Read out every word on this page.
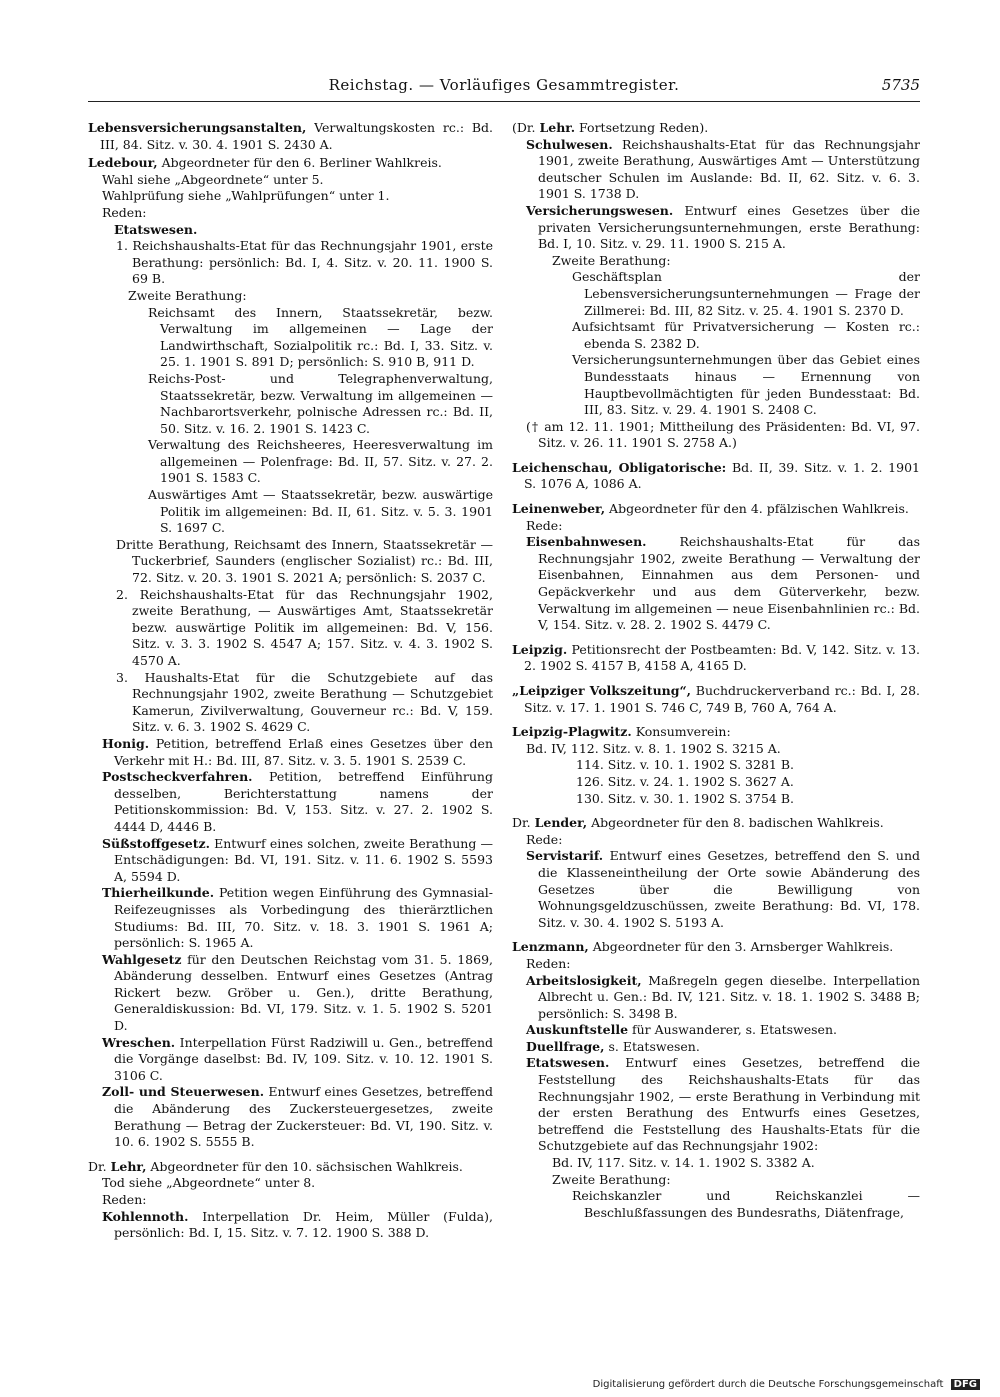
Reichstag. — Vorläufiges Gesammtregister.	5735

Lebensversicherungsanstalten, Verwaltungskosten rc.: Bd. III, 84. Sitz. v. 30. 4. 1901 S. 2430 A.

Ledebour, Abgeordneter für den 6. Berliner Wahlkreis.

Wahl siehe „Abgeordnete“ unter 5.

Wahlprüfung siehe „Wahlprüfungen“ unter 1.

Reden:

Etatswesen.

1. Reichshaushalts-Etat für das Rechnungsjahr 1901, erste Berathung: persönlich: Bd. I, 4. Sitz. v. 20. 11. 1900 S. 69 B.

Zweite Berathung:

Reichsamt des Innern, Staatssekretär, bezw. Verwaltung im allgemeinen — Lage der Landwirthschaft, Sozialpolitik rc.: Bd. I, 33. Sitz. v. 25. 1. 1901 S. 891 D; persönlich: S. 910 B, 911 D.

Reichs-Post- und Telegraphenverwaltung, Staatssekretär, bezw. Verwaltung im allgemeinen — Nachbarortsverkehr, polnische Adressen rc.: Bd. II, 50. Sitz. v. 16. 2. 1901 S. 1423 C.

Verwaltung des Reichsheeres, Heeresverwaltung im allgemeinen — Polenfrage: Bd. II, 57. Sitz. v. 27. 2. 1901 S. 1583 C.

Auswärtiges Amt — Staatssekretär, bezw. auswärtige Politik im allgemeinen: Bd. II, 61. Sitz. v. 5. 3. 1901 S. 1697 C.

Dritte Berathung, Reichsamt des Innern, Staatssekretär — Tuckerbrief, Saunders (englischer Sozialist) rc.: Bd. III, 72. Sitz. v. 20. 3. 1901 S. 2021 A; persönlich: S. 2037 C.

2. Reichshaushalts-Etat für das Rechnungsjahr 1902, zweite Berathung, — Auswärtiges Amt, Staatssekretär bezw. auswärtige Politik im allgemeinen: Bd. V, 156. Sitz. v. 3. 3. 1902 S. 4547 A; 157. Sitz. v. 4. 3. 1902 S. 4570 A.

3. Haushalts-Etat für die Schutzgebiete auf das Rechnungsjahr 1902, zweite Berathung — Schutzgebiet Kamerun, Zivilverwaltung, Gouverneur rc.: Bd. V, 159. Sitz. v. 6. 3. 1902 S. 4629 C.

Honig. Petition, betreffend Erlaß eines Gesetzes über den Verkehr mit H.: Bd. III, 87. Sitz. v. 3. 5. 1901 S. 2539 C.

Postscheckverfahren. Petition, betreffend Einführung desselben, Berichterstattung namens der Petitionskommission: Bd. V, 153. Sitz. v. 27. 2. 1902 S. 4444 D, 4446 B.

Süßstoffgesetz. Entwurf eines solchen, zweite Berathung — Entschädigungen: Bd. VI, 191. Sitz. v. 11. 6. 1902 S. 5593 A, 5594 D.

Thierheilkunde. Petition wegen Einführung des Gymnasial-Reifezeugnisses als Vorbedingung des thierärztlichen Studiums: Bd. III, 70. Sitz. v. 18. 3. 1901 S. 1961 A; persönlich: S. 1965 A.

Wahlgesetz für den Deutschen Reichstag vom 31. 5. 1869, Abänderung desselben. Entwurf eines Gesetzes (Antrag Rickert bezw. Gröber u. Gen.), dritte Berathung, Generaldiskussion: Bd. VI, 179. Sitz. v. 1. 5. 1902 S. 5201 D.

Wreschen. Interpellation Fürst Radziwill u. Gen., betreffend die Vorgänge daselbst: Bd. IV, 109. Sitz. v. 10. 12. 1901 S. 3106 C.

Zoll- und Steuerwesen. Entwurf eines Gesetzes, betreffend die Abänderung des Zuckersteuergesetzes, zweite Berathung — Betrag der Zuckersteuer: Bd. VI, 190. Sitz. v. 10. 6. 1902 S. 5555 B.

Dr. Lehr, Abgeordneter für den 10. sächsischen Wahlkreis.

Tod siehe „Abgeordnete“ unter 8.

Reden:

Kohlennoth. Interpellation Dr. Heim, Müller (Fulda), persönlich: Bd. I, 15. Sitz. v. 7. 12. 1900 S. 388 D.

(Dr. Lehr. Fortsetzung Reden).

Schulwesen. Reichshaushalts-Etat für das Rechnungsjahr 1901, zweite Berathung, Auswärtiges Amt — Unterstützung deutscher Schulen im Auslande: Bd. II, 62. Sitz. v. 6. 3. 1901 S. 1738 D.

Versicherungswesen. Entwurf eines Gesetzes über die privaten Versicherungsunternehmungen, erste Berathung: Bd. I, 10. Sitz. v. 29. 11. 1900 S. 215 A.

Zweite Berathung:

Geschäftsplan der Lebensversicherungsunternehmungen — Frage der Zillmerei: Bd. III, 82 Sitz. v. 25. 4. 1901 S. 2370 D.

Aufsichtsamt für Privatversicherung — Kosten rc.: ebenda S. 2382 D.

Versicherungsunternehmungen über das Gebiet eines Bundesstaats hinaus — Ernennung von Hauptbevollmächtigten für jeden Bundesstaat: Bd. III, 83. Sitz. v. 29. 4. 1901 S. 2408 C.

(† am 12. 11. 1901; Mittheilung des Präsidenten: Bd. VI, 97. Sitz. v. 26. 11. 1901 S. 2758 A.)

Leichenschau, Obligatorische: Bd. II, 39. Sitz. v. 1. 2. 1901 S. 1076 A, 1086 A.

Leinenweber, Abgeordneter für den 4. pfälzischen Wahlkreis.

Rede:

Eisenbahnwesen. Reichshaushalts-Etat für das Rechnungsjahr 1902, zweite Berathung — Verwaltung der Eisenbahnen, Einnahmen aus dem Personen- und Gepäckverkehr und aus dem Güterverkehr, bezw. Verwaltung im allgemeinen — neue Eisenbahnlinien rc.: Bd. V, 154. Sitz. v. 28. 2. 1902 S. 4479 C.

Leipzig. Petitionsrecht der Postbeamten: Bd. V, 142. Sitz. v. 13. 2. 1902 S. 4157 B, 4158 A, 4165 D.

„Leipziger Volkszeitung“, Buchdruckerverband rc.: Bd. I, 28. Sitz. v. 17. 1. 1901 S. 746 C, 749 B, 760 A, 764 A.

Leipzig-Plagwitz. Konsumverein:

Bd. IV, 112. Sitz. v. 8. 1. 1902 S. 3215 A.

114. Sitz. v. 10. 1. 1902 S. 3281 B.

126. Sitz. v. 24. 1. 1902 S. 3627 A.

130. Sitz. v. 30. 1. 1902 S. 3754 B.

Dr. Lender, Abgeordneter für den 8. badischen Wahlkreis.

Rede:

Servistarif. Entwurf eines Gesetzes, betreffend den S. und die Klasseneintheilung der Orte sowie Abänderung des Gesetzes über die Bewilligung von Wohnungsgeldzuschüssen, zweite Berathung: Bd. VI, 178. Sitz. v. 30. 4. 1902 S. 5193 A.

Lenzmann, Abgeordneter für den 3. Arnsberger Wahlkreis.

Reden:

Arbeitslosigkeit, Maßregeln gegen dieselbe. Interpellation Albrecht u. Gen.: Bd. IV, 121. Sitz. v. 18. 1. 1902 S. 3488 B; persönlich: S. 3498 B.

Auskunftstelle für Auswanderer, s. Etatswesen.

Duellfrage, s. Etatswesen.

Etatswesen. Entwurf eines Gesetzes, betreffend die Feststellung des Reichshaushalts-Etats für das Rechnungsjahr 1902, — erste Berathung in Verbindung mit der ersten Berathung des Entwurfs eines Gesetzes, betreffend die Feststellung des Haushalts-Etats für die Schutzgebiete auf das Rechnungsjahr 1902:

Bd. IV, 117. Sitz. v. 14. 1. 1902 S. 3382 A.

Zweite Berathung:

Reichskanzler und Reichskanzlei — Beschlußfassungen des Bundesraths, Diätenfrage,

Digitalisierung gefördert durch die Deutsche Forschungsgemeinschaft DFG
